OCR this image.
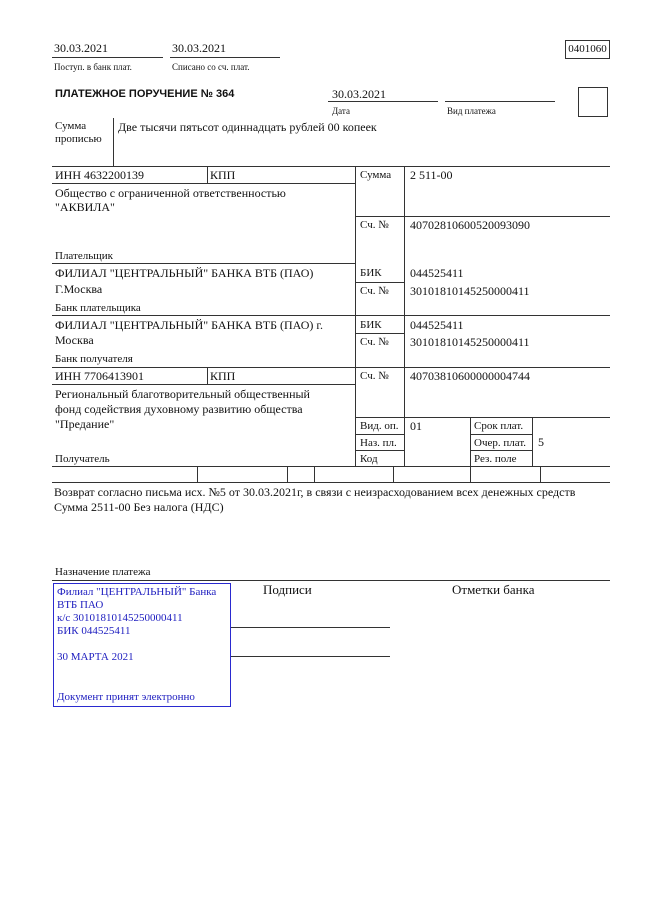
30.03.2021
Поступ. в банк плат.
30.03.2021
Списано со сч. плат.
0401060
ПЛАТЕЖНОЕ ПОРУЧЕНИЕ № 364	30.03.2021
Дата	Вид платежа
Сумма
прописью
Две тысячи пятьсот одиннадцать рублей 00 копеек
ИНН 4632200139	КПП
Общество с ограниченной ответственностью
"АКВИЛА"
Плательщик
Сумма 2 511-00
Сч. № 40702810600520093090
ФИЛИАЛ "ЦЕНТРАЛЬНЫЙ" БАНКА ВТБ (ПАО)
Г.Москва
Банк плательщика
БИК 044525411
Сч. № 30101810145250000411
ФИЛИАЛ "ЦЕНТРАЛЬНЫЙ" БАНКА ВТБ (ПАО) г.
Москва
Банк получателя
БИК 044525411
Сч. № 30101810145250000411
ИНН 7706413901	КПП
Региональный благотворительный общественный
фонд содействия духовному развитию общества
"Предание"
Получатель
Сч. № 40703810600000004744
Вид. оп. 01
Наз. пл.
Код
Срок плат.
Очер. плат. 5
Рез. поле
Возврат согласно письма исх. №5 от 30.03.2021г, в связи с неизрасходованием всех денежных средств
Сумма 2511-00 Без налога (НДС)
Назначение платежа
Подписи	Отметки банка
Филиал "ЦЕНТРАЛЬНЫЙ" Банка
ВТБ ПАО
к/с 30101810145250000411
БИК 044525411
30 МАРТА 2021
Документ принят электронно
